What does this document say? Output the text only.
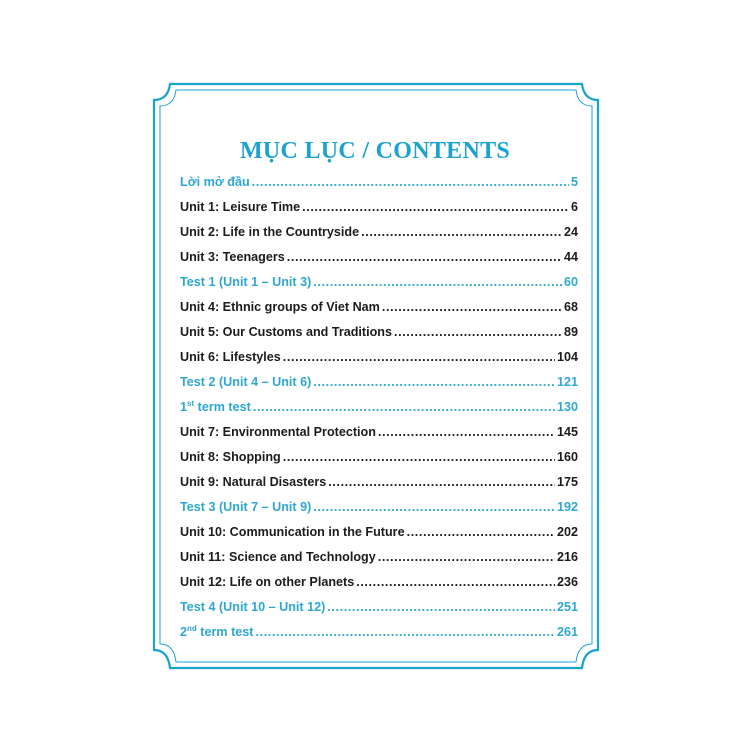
MỤC LỤC / CONTENTS
Lời mở đầu .....	5
Unit 1: Leisure Time .....	6
Unit 2: Life in the Countryside .....	24
Unit 3: Teenagers .....	44
Test 1 (Unit 1 – Unit 3) .....	60
Unit 4: Ethnic groups of Viet Nam .....	68
Unit 5: Our Customs and Traditions .....	89
Unit 6: Lifestyles .....	104
Test 2 (Unit 4 – Unit 6) .....	121
1st term test .....	130
Unit 7: Environmental Protection .....	145
Unit 8: Shopping .....	160
Unit 9: Natural Disasters .....	175
Test 3 (Unit 7 – Unit 9) .....	192
Unit 10: Communication in the Future .....	202
Unit 11: Science and Technology .....	216
Unit 12: Life on other Planets .....	236
Test 4 (Unit 10 – Unit 12) .....	251
2nd term test .....	261
